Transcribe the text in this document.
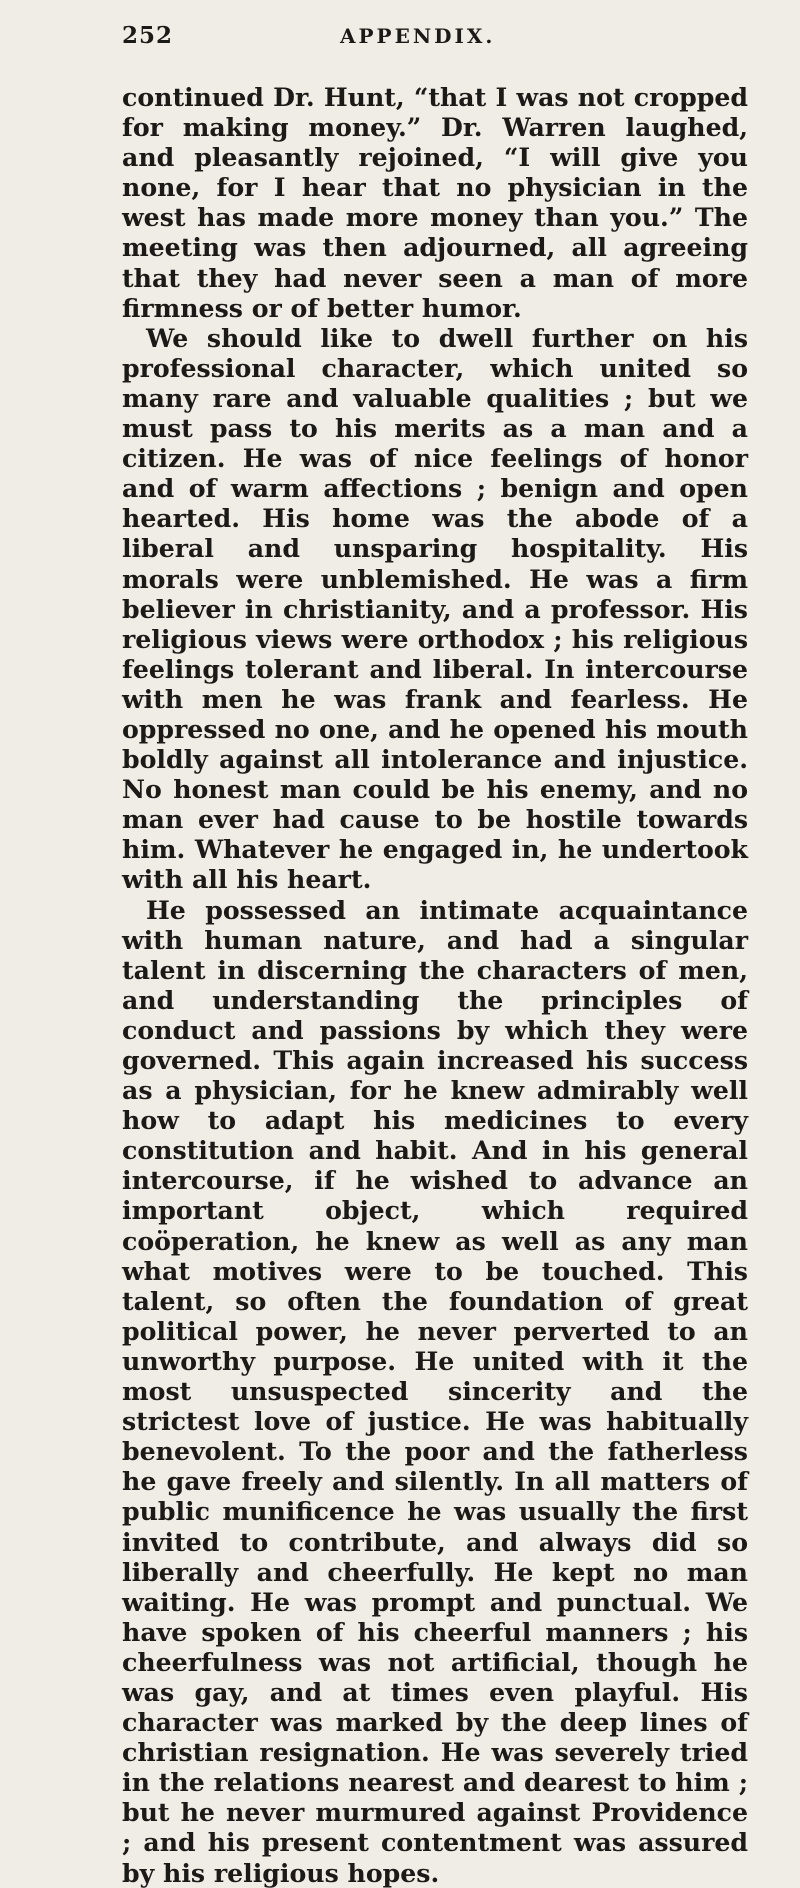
252	APPENDIX.

continued Dr. Hunt, “that I was not cropped for making money.” Dr. Warren laughed, and pleasantly rejoined, “I will give you none, for I hear that no physician in the west has made more money than you.” The meeting was then adjourned, all agreeing that they had never seen a man of more firmness or of better humor.

We should like to dwell further on his professional character, which united so many rare and valuable qualities ; but we must pass to his merits as a man and a citizen. He was of nice feelings of honor and of warm affections ; benign and open hearted. His home was the abode of a liberal and unsparing hospitality. His morals were unblemished. He was a firm believer in christianity, and a professor. His religious views were orthodox ; his religious feelings tolerant and liberal. In intercourse with men he was frank and fearless. He oppressed no one, and he opened his mouth boldly against all intolerance and injustice. No honest man could be his enemy, and no man ever had cause to be hostile towards him. Whatever he engaged in, he undertook with all his heart.

He possessed an intimate acquaintance with human nature, and had a singular talent in discerning the characters of men, and understanding the principles of conduct and passions by which they were governed. This again increased his success as a physician, for he knew admirably well how to adapt his medicines to every constitution and habit. And in his general intercourse, if he wished to advance an important object, which required coöperation, he knew as well as any man what motives were to be touched. This talent, so often the foundation of great political power, he never perverted to an unworthy purpose. He united with it the most unsuspected sincerity and the strictest love of justice. He was habitually benevolent. To the poor and the fatherless he gave freely and silently. In all matters of public munificence he was usually the first invited to contribute, and always did so liberally and cheerfully. He kept no man waiting. He was prompt and punctual. We have spoken of his cheerful manners ; his cheerfulness was not artificial, though he was gay, and at times even playful. His character was marked by the deep lines of christian resignation. He was severely tried in the relations nearest and dearest to him ; but he never murmured against Providence ; and his present contentment was assured by his religious hopes.
